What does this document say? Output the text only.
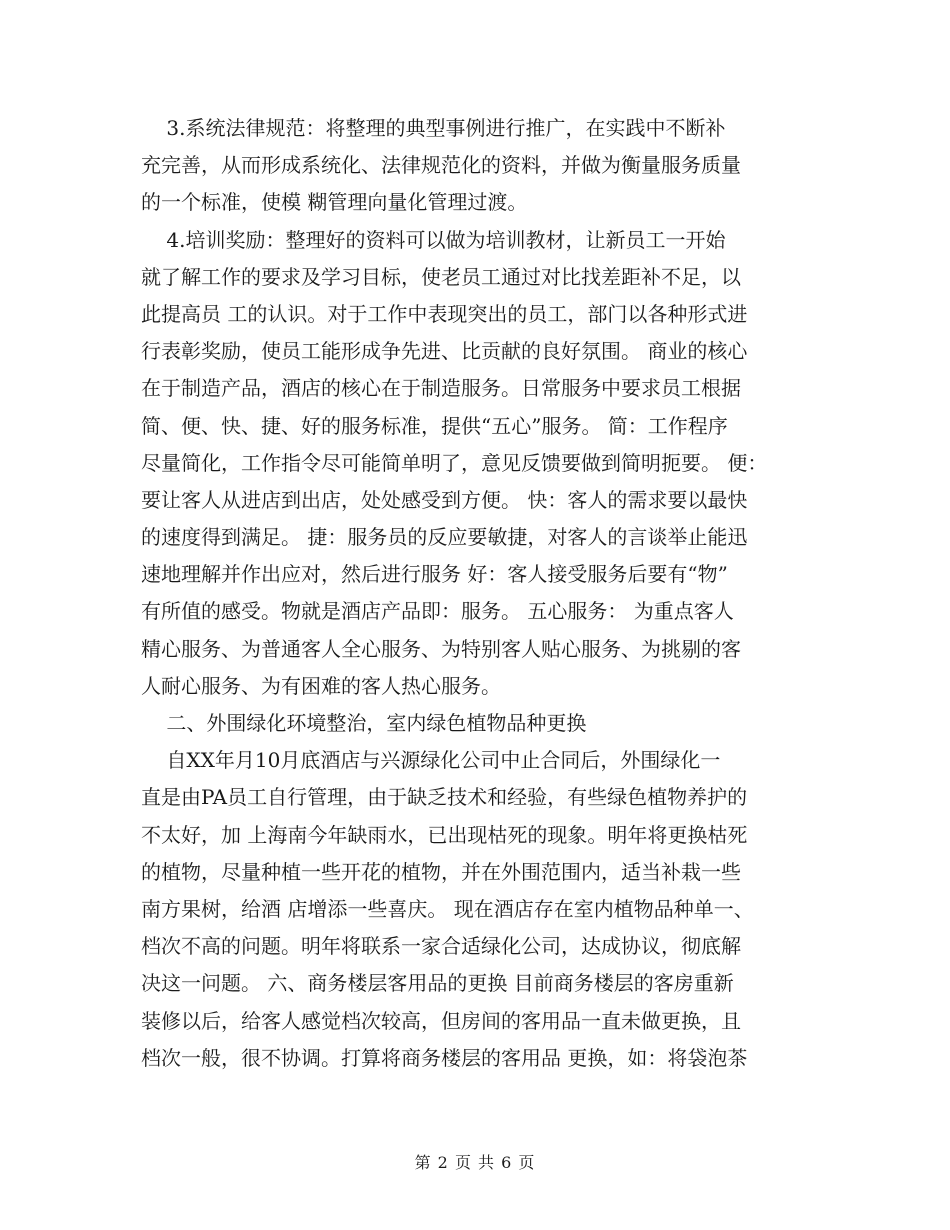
3.系统法律规范：将整理的典型事例进行推广，在实践中不断补
充完善，从而形成系统化、法律规范化的资料，并做为衡量服务质量
的一个标准，使模 糊管理向量化管理过渡。
4.培训奖励：整理好的资料可以做为培训教材，让新员工一开始
就了解工作的要求及学习目标，使老员工通过对比找差距补不足，以
此提高员 工的认识。对于工作中表现突出的员工，部门以各种形式进
行表彰奖励，使员工能形成争先进、比贡献的良好氛围。 商业的核心
在于制造产品，酒店的核心在于制造服务。日常服务中要求员工根据
简、便、快、捷、好的服务标准，提供“五心”服务。 简：工作程序
尽量简化，工作指令尽可能简单明了，意见反馈要做到简明扼要。 便：
要让客人从进店到出店，处处感受到方便。 快：客人的需求要以最快
的速度得到满足。 捷：服务员的反应要敏捷，对客人的言谈举止能迅
速地理解并作出应对，然后进行服务 好：客人接受服务后要有“物”
有所值的感受。物就是酒店产品即：服务。 五心服务： 为重点客人
精心服务、为普通客人全心服务、为特别客人贴心服务、为挑剔的客
人耐心服务、为有困难的客人热心服务。
二、外围绿化环境整治，室内绿色植物品种更换
自XX年月10月底酒店与兴源绿化公司中止合同后，外围绿化一
直是由PA员工自行管理，由于缺乏技术和经验，有些绿色植物养护的
不太好，加 上海南今年缺雨水，已出现枯死的现象。明年将更换枯死
的植物，尽量种植一些开花的植物，并在外围范围内，适当补栽一些
南方果树，给酒 店增添一些喜庆。 现在酒店存在室内植物品种单一、
档次不高的问题。明年将联系一家合适绿化公司，达成协议，彻底解
决这一问题。 六、商务楼层客用品的更换 目前商务楼层的客房重新
装修以后，给客人感觉档次较高，但房间的客用品一直未做更换，且
档次一般，很不协调。打算将商务楼层的客用品 更换，如：将袋泡茶
第 2 页 共 6 页
